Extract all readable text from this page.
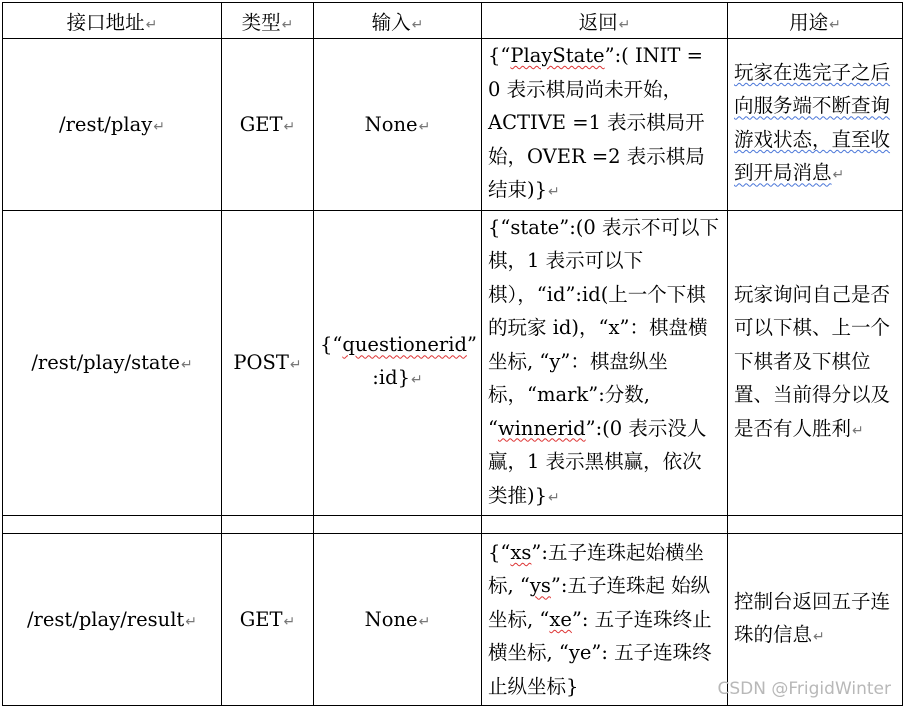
接口地址↵	类型↵	输入↵	返回↵	用途↵
/rest/play↵	GET↵	None↵	{“PlayState”:( INIT = 0 表示棋局尚未开始，ACTIVE =1 表示棋局开始，OVER =2 表示棋局结束)}↵	玩家在选完子之后向服务端不断查询游戏状态，直至收到开局消息↵
/rest/play/state↵	POST↵	{“questionerid” :id}↵	{“state”:(0 表示不可以下棋，1 表示可以下棋），“id”:id(上一个下棋的玩家 id)，“x”：棋盘横坐标, “y”：棋盘纵坐标，“mark”:分数, “winnerid”:(0 表示没人赢，1 表示黑棋赢，依次类推)}↵	玩家询问自己是否可以下棋、上一个下棋者及下棋位置、当前得分以及是否有人胜利↵

/rest/play/result↵	GET↵	None↵	{“xs”:五子连珠起始横坐标, “ys”:五子连珠起 始纵坐标, “xe”: 五子连珠终止横坐标, “ye”: 五子连珠终止纵坐标}	控制台返回五子连珠的信息↵
CSDN @FrigidWinter
